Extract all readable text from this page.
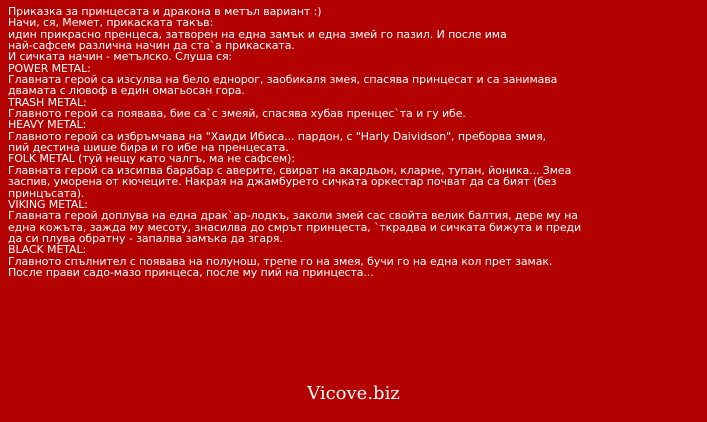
Приказка за принцесата и дракона в метъл вариант :)
Начи, ся, Мемет, прикаската такъв:
идин прикрасно пренцеса, затворен на една замък и една змей го пазил. И после има
най-сафсем различна начин да ста`а прикаската.
И сичката начин - метълско. Слуша ся:
POWER METAL:
Главната герой са изсулва на бело еднорог, заобикаля змея, спасява принцесат и са занимава
двамата с лювоф в един омагьосан гора.
TRASH METAL:
Главното герой са появава, бие са`с змеяй, спасява хубав пренцес`та и гу ибе.
HEAVY METAL:
Главното герой са избръмчава на "Хаиди Ибиса... пардон, с "Harly Daividson", преборва змия,
пий дестина шише бира и го ибе на пренцесата.
FOLK METAL (туй нещу като чалгъ, ма не сафсем):
Главната герой са изсипва барабар с аверите, свират на акардьон, кларне, тупан, йоника... Змеа
заспив, уморена от кючеците. Накрая на джамбурето сичката оркестар почват да са бият (без
принцъсата).
VIKING METAL:
Главната герой доплува на една драк`ар-лодкъ, заколи змей сас свойта велик балтия, дере му на
една кожъта, зажда му месоту, знасилва до смрът принцеста, `ткрадва и сичката бижута и преди
да си плува обратну - запалва замъка да згаря.
BLACK METAL:
Главното спълнител с появава на полунош, трепе го на змея, бучи го на една кол прет замак.
После прави садо-мазо принцеса, после му пий на принцеста...
Vicove.biz
